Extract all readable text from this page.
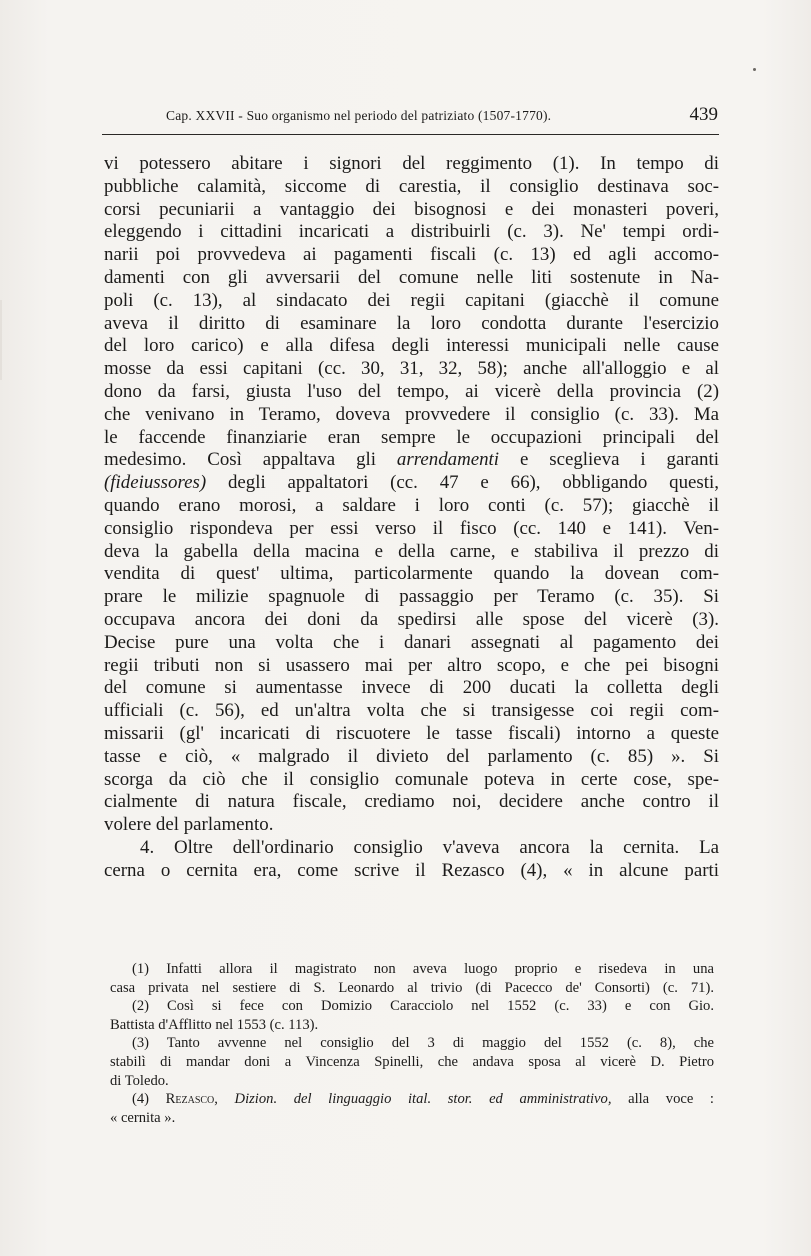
Cap. XXVII - Suo organismo nel periodo del patriziato (1507-1770).	439
vi potessero abitare i signori del reggimento (1). In tempo di
pubbliche calamità, siccome di carestia, il consiglio destinava soc-
corsi pecuniarii a vantaggio dei bisognosi e dei monasteri poveri,
eleggendo i cittadini incaricati a distribuirli (c. 3). Ne' tempi ordi-
narii poi provvedeva ai pagamenti fiscali (c. 13) ed agli accomo-
damenti con gli avversarii del comune nelle liti sostenute in Na-
poli (c. 13), al sindacato dei regii capitani (giacchè il comune
aveva il diritto di esaminare la loro condotta durante l'esercizio
del loro carico) e alla difesa degli interessi municipali nelle cause
mosse da essi capitani (cc. 30, 31, 32, 58); anche all'alloggio e al
dono da farsi, giusta l'uso del tempo, ai vicerè della provincia (2)
che venivano in Teramo, doveva provvedere il consiglio (c. 33). Ma
le faccende finanziarie eran sempre le occupazioni principali del
medesimo. Così appaltava gli arrendamenti e sceglieva i garanti
(fideiussores) degli appaltatori (cc. 47 e 66), obbligando questi,
quando erano morosi, a saldare i loro conti (c. 57); giacchè il
consiglio rispondeva per essi verso il fisco (cc. 140 e 141). Ven-
deva la gabella della macina e della carne, e stabiliva il prezzo di
vendita di quest' ultima, particolarmente quando la dovean com-
prare le milizie spagnuole di passaggio per Teramo (c. 35). Si
occupava ancora dei doni da spedirsi alle spose del vicerè (3).
Decise pure una volta che i danari assegnati al pagamento dei
regii tributi non si usassero mai per altro scopo, e che pei bisogni
del comune si aumentasse invece di 200 ducati la colletta degli
ufficiali (c. 56), ed un'altra volta che si transigesse coi regii com-
missarii (gl' incaricati di riscuotere le tasse fiscali) intorno a queste
tasse e ciò, « malgrado il divieto del parlamento (c. 85) ». Si
scorga da ciò che il consiglio comunale poteva in certe cose, spe-
cialmente di natura fiscale, crediamo noi, decidere anche contro il
volere del parlamento.
4. Oltre dell'ordinario consiglio v'aveva ancora la cernita. La
cerna o cernita era, come scrive il Rezasco (4), « in alcune parti
(1) Infatti allora il magistrato non aveva luogo proprio e risedeva in una
casa privata nel sestiere di S. Leonardo al trivio (di Pacecco de' Consorti) (c. 71).
(2) Così si fece con Domizio Caracciolo nel 1552 (c. 33) e con Gio.
Battista d'Afflitto nel 1553 (c. 113).
(3) Tanto avvenne nel consiglio del 3 di maggio del 1552 (c. 8), che
stabilì di mandar doni a Vincenza Spinelli, che andava sposa al vicerè D. Pietro
di Toledo.
(4) Rezasco, Dizion. del linguaggio ital. stor. ed amministrativo, alla voce :
« cernita ».
